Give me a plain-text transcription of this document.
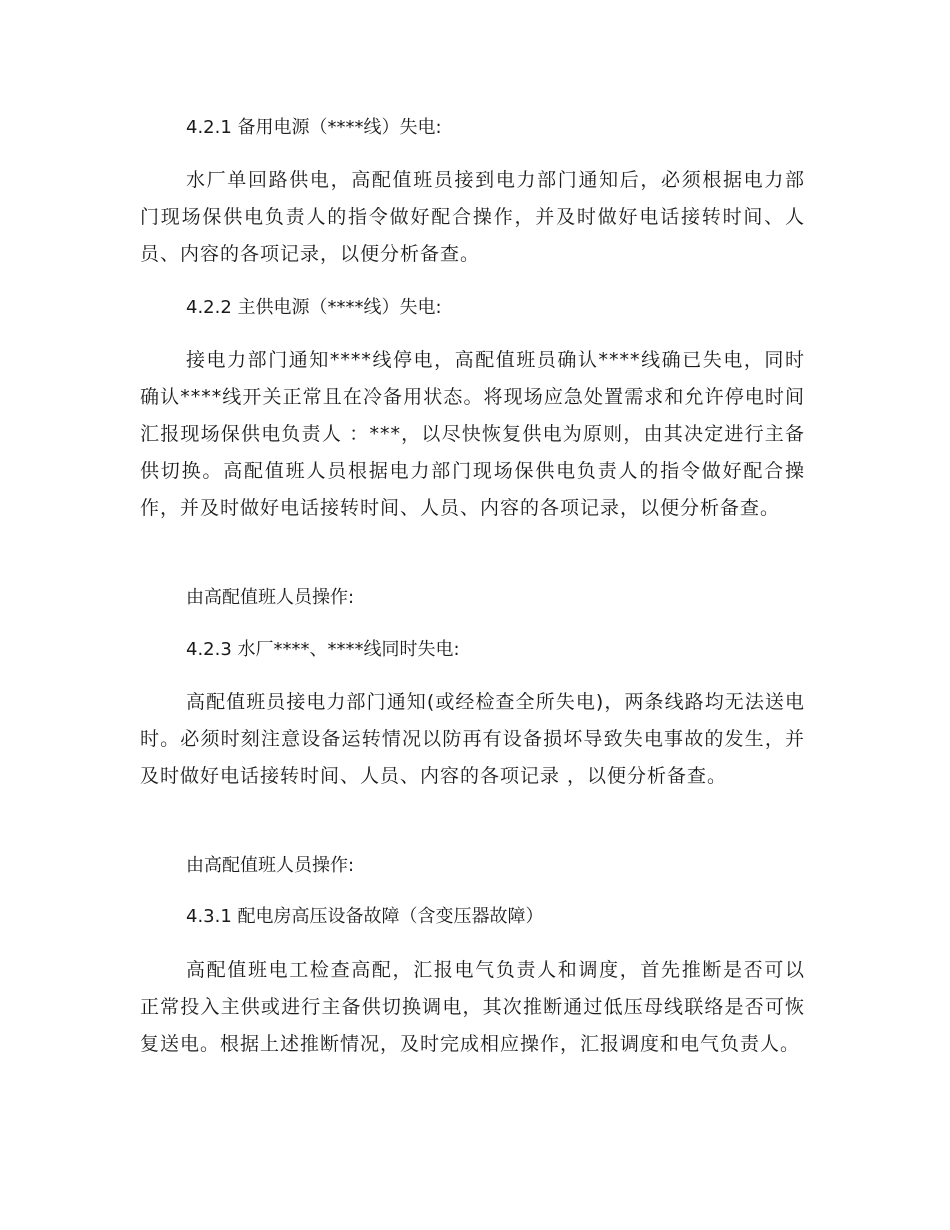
4.2.1 备用电源（****线）失电:

水厂单回路供电，高配值班员接到电力部门通知后，必须根据电力部门现场保供电负责人的指令做好配合操作，并及时做好电话接转时间、人员、内容的各项记录，以便分析备查。

4.2.2 主供电源（****线）失电:

接电力部门通知****线停电，高配值班员确认****线确已失电，同时确认****线开关正常且在冷备用状态。将现场应急处置需求和允许停电时间汇报现场保供电负责人 ：***，以尽快恢复供电为原则，由其决定进行主备供切换。高配值班人员根据电力部门现场保供电负责人的指令做好配合操作，并及时做好电话接转时间、人员、内容的各项记录，以便分析备查。

由高配值班人员操作:

4.2.3 水厂****、****线同时失电:

高配值班员接电力部门通知(或经检查全所失电)，两条线路均无法送电时。必须时刻注意设备运转情况以防再有设备损坏导致失电事故的发生，并及时做好电话接转时间、人员、内容的各项记录 ，以便分析备查。

由高配值班人员操作:

4.3.1 配电房高压设备故障（含变压器故障）

高配值班电工检查高配，汇报电气负责人和调度，首先推断是否可以正常投入主供或进行主备供切换调电，其次推断通过低压母线联络是否可恢复送电。根据上述推断情况，及时完成相应操作，汇报调度和电气负责人。
